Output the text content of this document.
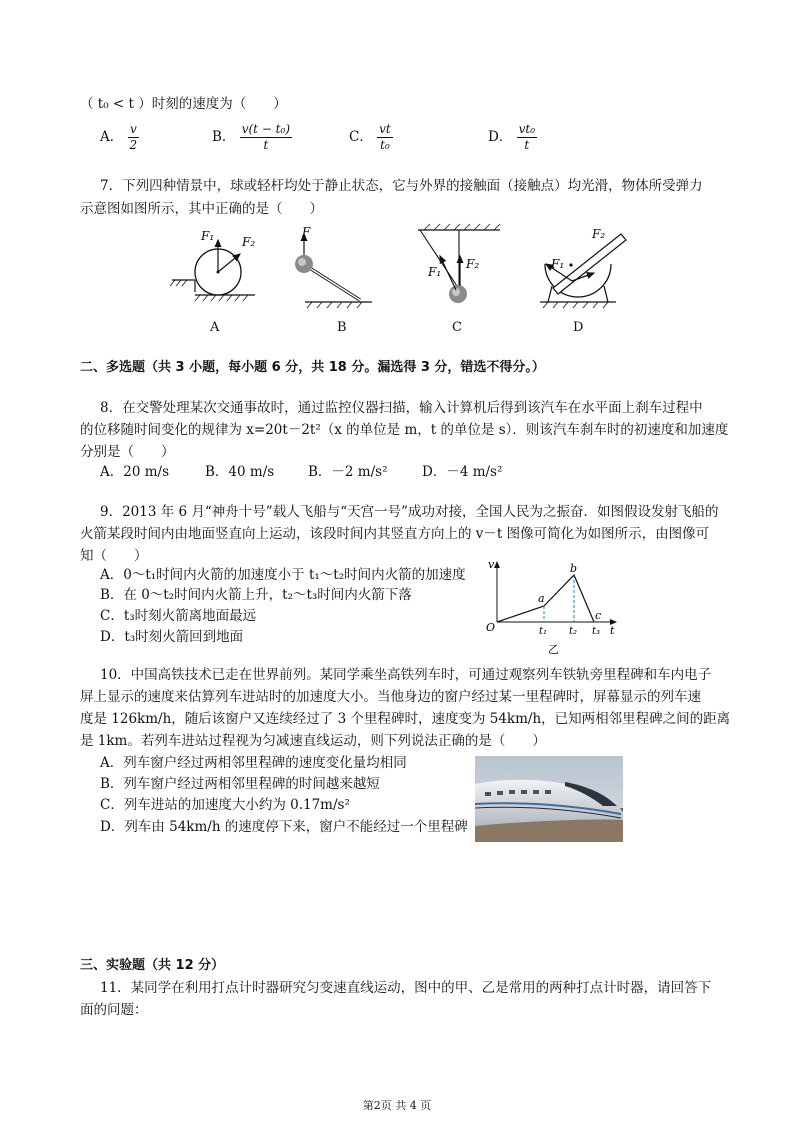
（ t₀ < t ）时刻的速度为（　　）
A． $\frac{v}{2}$	B． $\frac{\text{v(t − t₀)}}{t}$	C． $\frac{vt}{\text{t₀}}$	D． $\frac{\text{vt₀}}{t}$
7．下列四种情景中，球或轻杆均处于静止状态，它与外界的接触面（接触点）均光滑，物体所受弹力
示意图如图所示，其中正确的是（　　）
F₁ F₂
F
F₁
F₂	F₁
F₂
A	B	C	D
二、多选题（共 3 小题，每小题 6 分，共 18 分。漏选得 3 分，错选不得分。）
8．在交警处理某次交通事故时，通过监控仪器扫描，输入计算机后得到该汽车在水平面上刹车过程中
的位移随时间变化的规律为 x=20t－2t²（x 的单位是 m，t 的单位是 s）．则该汽车刹车时的初速度和加速度
分别是（　　）
A．20 m/s	B．40 m/s	B．－2 m/s²	D．－4 m/s²
9．2013 年 6 月“神舟十号”载人飞船与“天宫一号”成功对接，全国人民为之振奋．如图假设发射飞船的
火箭某段时间内由地面竖直向上运动，该段时间内其竖直方向上的 v－t 图像可简化为如图所示，由图像可
知（　　）
A．0～t₁时间内火箭的加速度小于 t₁～t₂时间内火箭的加速度
B．在 0～t₂时间内火箭上升，t₂～t₃时间内火箭下落
C．t₃时刻火箭离地面最远
D．t₃时刻火箭回到地面
v
t
O
a
b
c
t₁ t₂ t₃
乙
10．中国高铁技术已走在世界前列。某同学乘坐高铁列车时，可通过观察列车铁轨旁里程碑和车内电子
屏上显示的速度来估算列车进站时的加速度大小。当他身边的窗户经过某一里程碑时，屏幕显示的列车速
度是 126km/h，随后该窗户又连续经过了 3 个里程碑时，速度变为 54km/h，已知两相邻里程碑之间的距离
是 1km。若列车进站过程视为匀减速直线运动，则下列说法正确的是（　　）
A．列车窗户经过两相邻里程碑的速度变化量均相同
B．列车窗户经过两相邻里程碑的时间越来越短
C．列车进站的加速度大小约为 0.17m/s²
D．列车由 54km/h 的速度停下来，窗户不能经过一个里程碑
三、实验题（共 12 分）
11．某同学在利用打点计时器研究匀变速直线运动，图中的甲、乙是常用的两种打点计时器，请回答下
面的问题：
第2页 共 4 页
